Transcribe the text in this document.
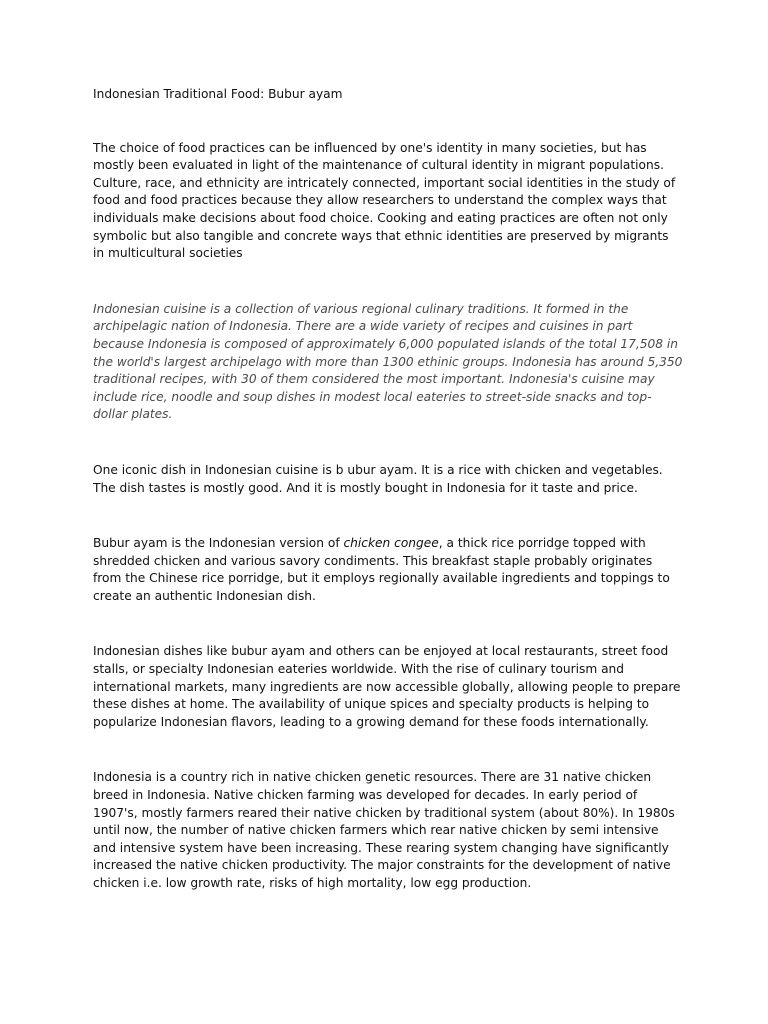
Indonesian Traditional Food: Bubur ayam

The choice of food practices can be influenced by one's identity in many societies, but has mostly been evaluated in light of the maintenance of cultural identity in migrant populations. Culture, race, and ethnicity are intricately connected, important social identities in the study of food and food practices because they allow researchers to understand the complex ways that individuals make decisions about food choice. Cooking and eating practices are often not only symbolic but also tangible and concrete ways that ethnic identities are preserved by migrants in multicultural societies

Indonesian cuisine is a collection of various regional culinary traditions. It formed in the archipelagic nation of Indonesia. There are a wide variety of recipes and cuisines in part because Indonesia is composed of approximately 6,000 populated islands of the total 17,508 in the world's largest archipelago with more than 1300 ethinic groups. Indonesia has around 5,350 traditional recipes, with 30 of them considered the most important. Indonesia's cuisine may include rice, noodle and soup dishes in modest local eateries to street-side snacks and top-dollar plates.

One iconic dish in Indonesian cuisine is b ubur ayam. It is a rice with chicken and vegetables. The dish tastes is mostly good. And it is mostly bought in Indonesia for it taste and price.

Bubur ayam is the Indonesian version of chicken congee, a thick rice porridge topped with shredded chicken and various savory condiments. This breakfast staple probably originates from the Chinese rice porridge, but it employs regionally available ingredients and toppings to create an authentic Indonesian dish.

Indonesian dishes like bubur ayam and others can be enjoyed at local restaurants, street food stalls, or specialty Indonesian eateries worldwide. With the rise of culinary tourism and international markets, many ingredients are now accessible globally, allowing people to prepare these dishes at home. The availability of unique spices and specialty products is helping to popularize Indonesian flavors, leading to a growing demand for these foods internationally.

Indonesia is a country rich in native chicken genetic resources. There are 31 native chicken breed in Indonesia. Native chicken farming was developed for decades. In early period of 1907's, mostly farmers reared their native chicken by traditional system (about 80%). In 1980s until now, the number of native chicken farmers which rear native chicken by semi intensive and intensive system have been increasing. These rearing system changing have significantly increased the native chicken productivity. The major constraints for the development of native chicken i.e. low growth rate, risks of high mortality, low egg production.
